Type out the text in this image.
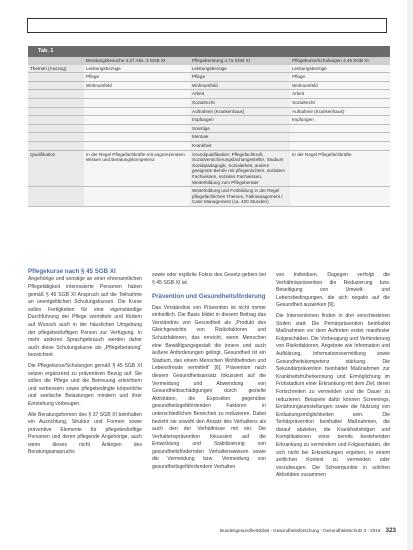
Tab. 1
	Beratungsbesuche 4.37 Abs. 3 SGB XI	Pflegeberatung 4.7a SGB XI	Pflegekurse/Schulungen 4.45 SGB XI
Themen (Auszug)	Leistungsbezüge	Leistungsbezüge	Leistungsbezüge
	Pflege	Pflege	Pflege
	Wohnumfeld	Wohnumfeld	Wohnumfeld
		Arbeit	Arbeit
		Sozialrecht	Sozialrecht
		Aufnahme (Krankenhaus)	Aufnahme (Krankenhaus)
		Impfungen	Impfungen
		Sonstige	
		Mentale	
		Krankheit	
Qualifikation	In der Regel Pflegefachkräfte mit angrenzendem Wissen und Beratungskompetenz	Grundqualifikation: Pflegefachkraft, Sozialversicherungsfachangestellte, Studium Sozialpädagogik, Sozialarbeit, andere geeignete Berufe mit pflegerischem, sozialem Fachwissen, soziales Fachwissen, Weiterbildung zum Pflegeberater	In der Regel Pflegefachkräfte
		Weiterbildung und Fortbildung in der Regel pflegefachlichen Themen, Fallmanagement / Case Management (ca. 400 Stunden)	
Pflegekurse nach § 45 SGB XI

Angehörige und sonstige an einer ehrenamtlichen Pflegetätigkeit interessierte Personen haben gemäß § 45 SGB XI Anspruch auf die Teilnahme an unentgeltlichen Schulungskursen. Die Kurse sollen Fertigkeiten für eine eigenständige Durchführung der Pflege vermitteln und fördern auf Wunsch auch in der häuslichen Umgebung der pflegebedürftigen Person zur Verfügung. In mehr anderen Sprachgebrauch werden daher auch diese Schulungskurse als „Pflegeberatung“ bezeichnet.

Die Pflegekurse/Schulungen gemäß § 45 SGB XI setzen ergänzend zu präventiven Bezug auf. Sie sollen die Pflege und die Betreuung erleichtern und verbessern sowie pflegebedingte körperliche und seelische Belastungen mindern und ihrer Entstehung vorbeugen.

Alle Beratungsformen des § 37 SGB XI beinhalten ein Ausrichtung, Struktur und Formen sowie präventive Elemente für pflegebedürftige Personen und deren pflegende Angehörige, auch wenn dieses nicht Anliegen des Beratungsanspruchs

sowie oder explizite Fokus des Gesetz-gebers bei § 45 SGB XI ist.

Prävention und Gesundheitsförderung

Das Verständnis von Prävention ist nicht immer einheitlich. Die Basis bildet in diesem Beitrag das Verständnis von Gesundheit als „Produkt des Gleichgewichts von Risikofaktoren und Schutzfaktoren, das erreicht, wenn Menschen eine Bewältigungsgestalt die innere und auch äußere Anforderungen gelingt. Gesundheit ist ein Stadium, das einem Menschen Wohlbefinden und Lebensfreude vermittelt“ [6]. Prävention nach diesem Gesundheitsansatz fokussiert auf die Vermeidung und Abwendung von Gesundheitsschädigungen durch gezielte Aktivitäten, die Exposition gegenüber gesundheitsgefährdenden Faktoren in unterschiedlichen Bereichen zu reduzieren. Dabei bezieht sie sowohl den Ansatz des Verhaltens als auch den der Verhältnisse mit ein. Die Verhaltensprävention fokussiert auf die Entwicklung und Stabilisierung von gesundheitsfördernden Verhaltensweisen sowie die Vermeidung bzw. Vermeidung von gesundheitsgefährdendem Verhalten

von Individuen. Dagegen verfolgt die Verhältnisprävention die Reduzierung bzw. Beseitigung von Umwelt- und Lebensbedingungen, die sich negativ auf die Gesundheit auswirken [9].

Die Interventionen finden in drei verschiedenen Stufen statt: Die Primärprävention beinhaltet Maßnahmen vor dem Auftreten erster manifester Folgeschäden. Die Vorbeugung und Verhinderung von Risikofaktoren, Angebote wie Information und Aufklärung, Informationsvermittlung sowie Gesundheitskompetenz stärkung. Die Sekundärprävention beinhaltet Maßnahmen zur Krankheitsfrüherkennung und Ermöglichung im Frühstadium einer Erkrankung mit dem Ziel, deren Fortschreiten zu vermeiden und die Dauer zu reduzieren. Beispiele dafür können Screenings, Ernährungsumstellungen sowie die Nutzung von Entlastungsmöglichkeiten sein. Die Tertiärprävention beinhaltet Maßnahmen, die darauf abzielen, die Krankheitsfolgen und Komplikationen einer bereits bestehenden Erkrankung zu vermindern und Folgeschäden, die sich nicht bei Erkrankungen ergeben, in einem zeitlichen Kontext zu vermeiden oder vorzubeugen. Die Schwerpunkte in solchen Aktivitäten zusammen

Bundesgesundheitsblatt - Gesundheitsforschung - Gesundheitsschutz 3 · 2019 323
